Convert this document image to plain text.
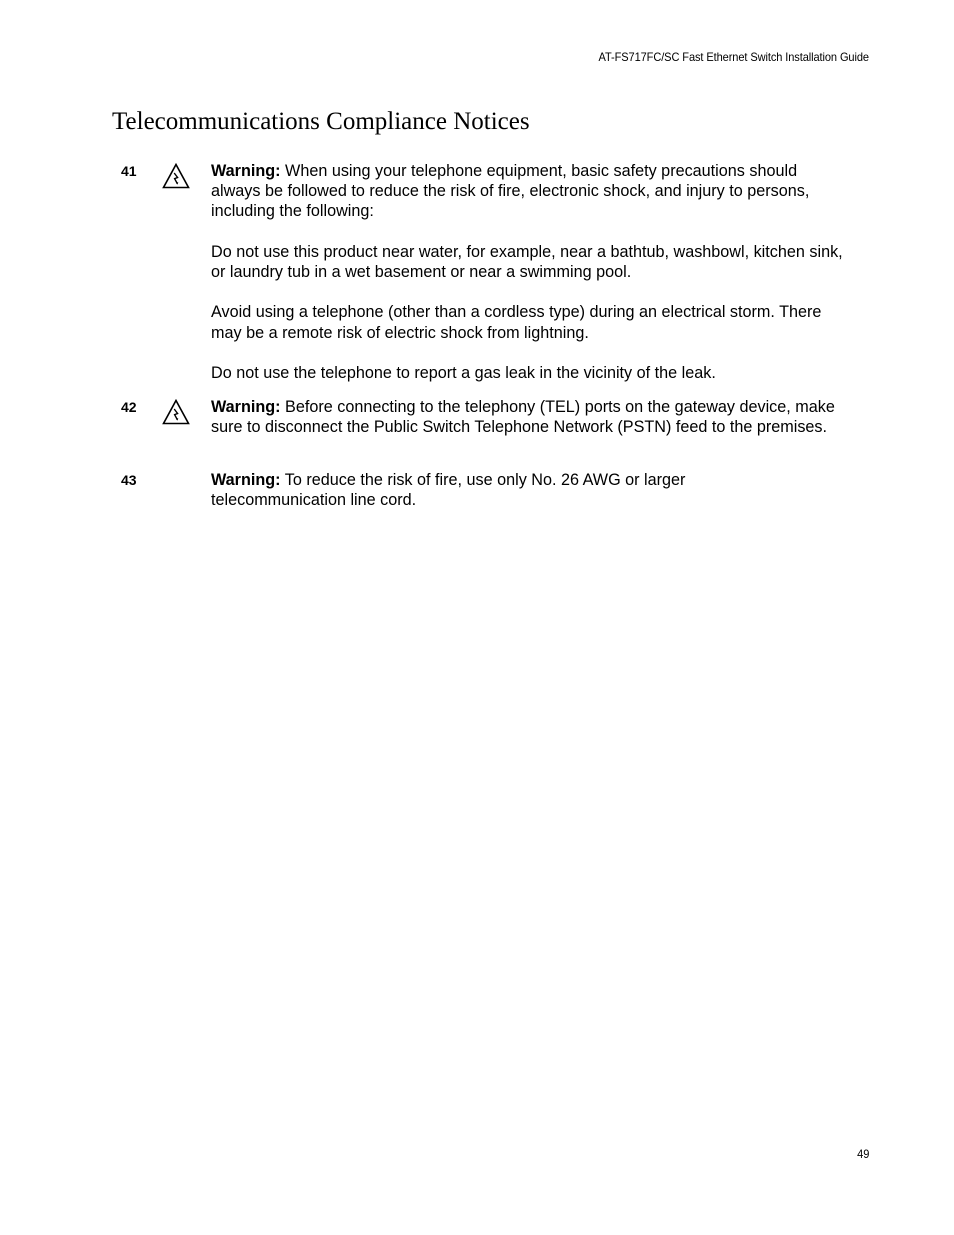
AT-FS717FC/SC Fast Ethernet Switch Installation Guide
Telecommunications Compliance Notices
41	Warning: When using your telephone equipment, basic safety precautions should always be followed to reduce the risk of fire, electronic shock, and injury to persons, including the following:

Do not use this product near water, for example, near a bathtub, washbowl, kitchen sink, or laundry tub in a wet basement or near a swimming pool.

Avoid using a telephone (other than a cordless type) during an electrical storm. There may be a remote risk of electric shock from lightning.

Do not use the telephone to report a gas leak in the vicinity of the leak.

42	Warning: Before connecting to the telephony (TEL) ports on the gateway device, make sure to disconnect the Public Switch Telephone Network (PSTN) feed to the premises.

43	Warning: To reduce the risk of fire, use only No. 26 AWG or larger telecommunication line cord.

49
